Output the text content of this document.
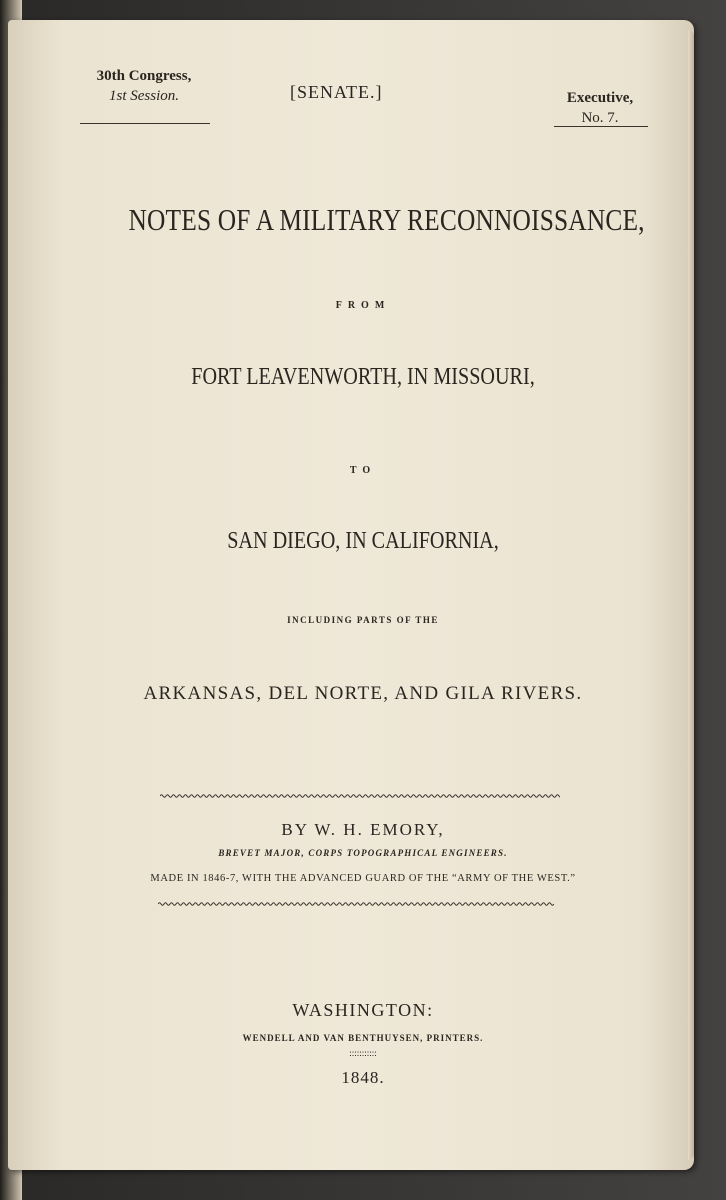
30th Congress,
1st Session.	[SENATE.]	Executive,
No. 7.
NOTES OF A MILITARY RECONNOISSANCE,
FROM
FORT LEAVENWORTH, IN MISSOURI,
TO
SAN DIEGO, IN CALIFORNIA,
INCLUDING PARTS OF THE
ARKANSAS, DEL NORTE, AND GILA RIVERS.
BY W. H. EMORY,
BREVET MAJOR, CORPS TOPOGRAPHICAL ENGINEERS.
MADE IN 1846-7, WITH THE ADVANCED GUARD OF THE “ARMY OF THE WEST.”
WASHINGTON:
WENDELL AND VAN BENTHUYSEN, PRINTERS.
:::::::::::
1848.
